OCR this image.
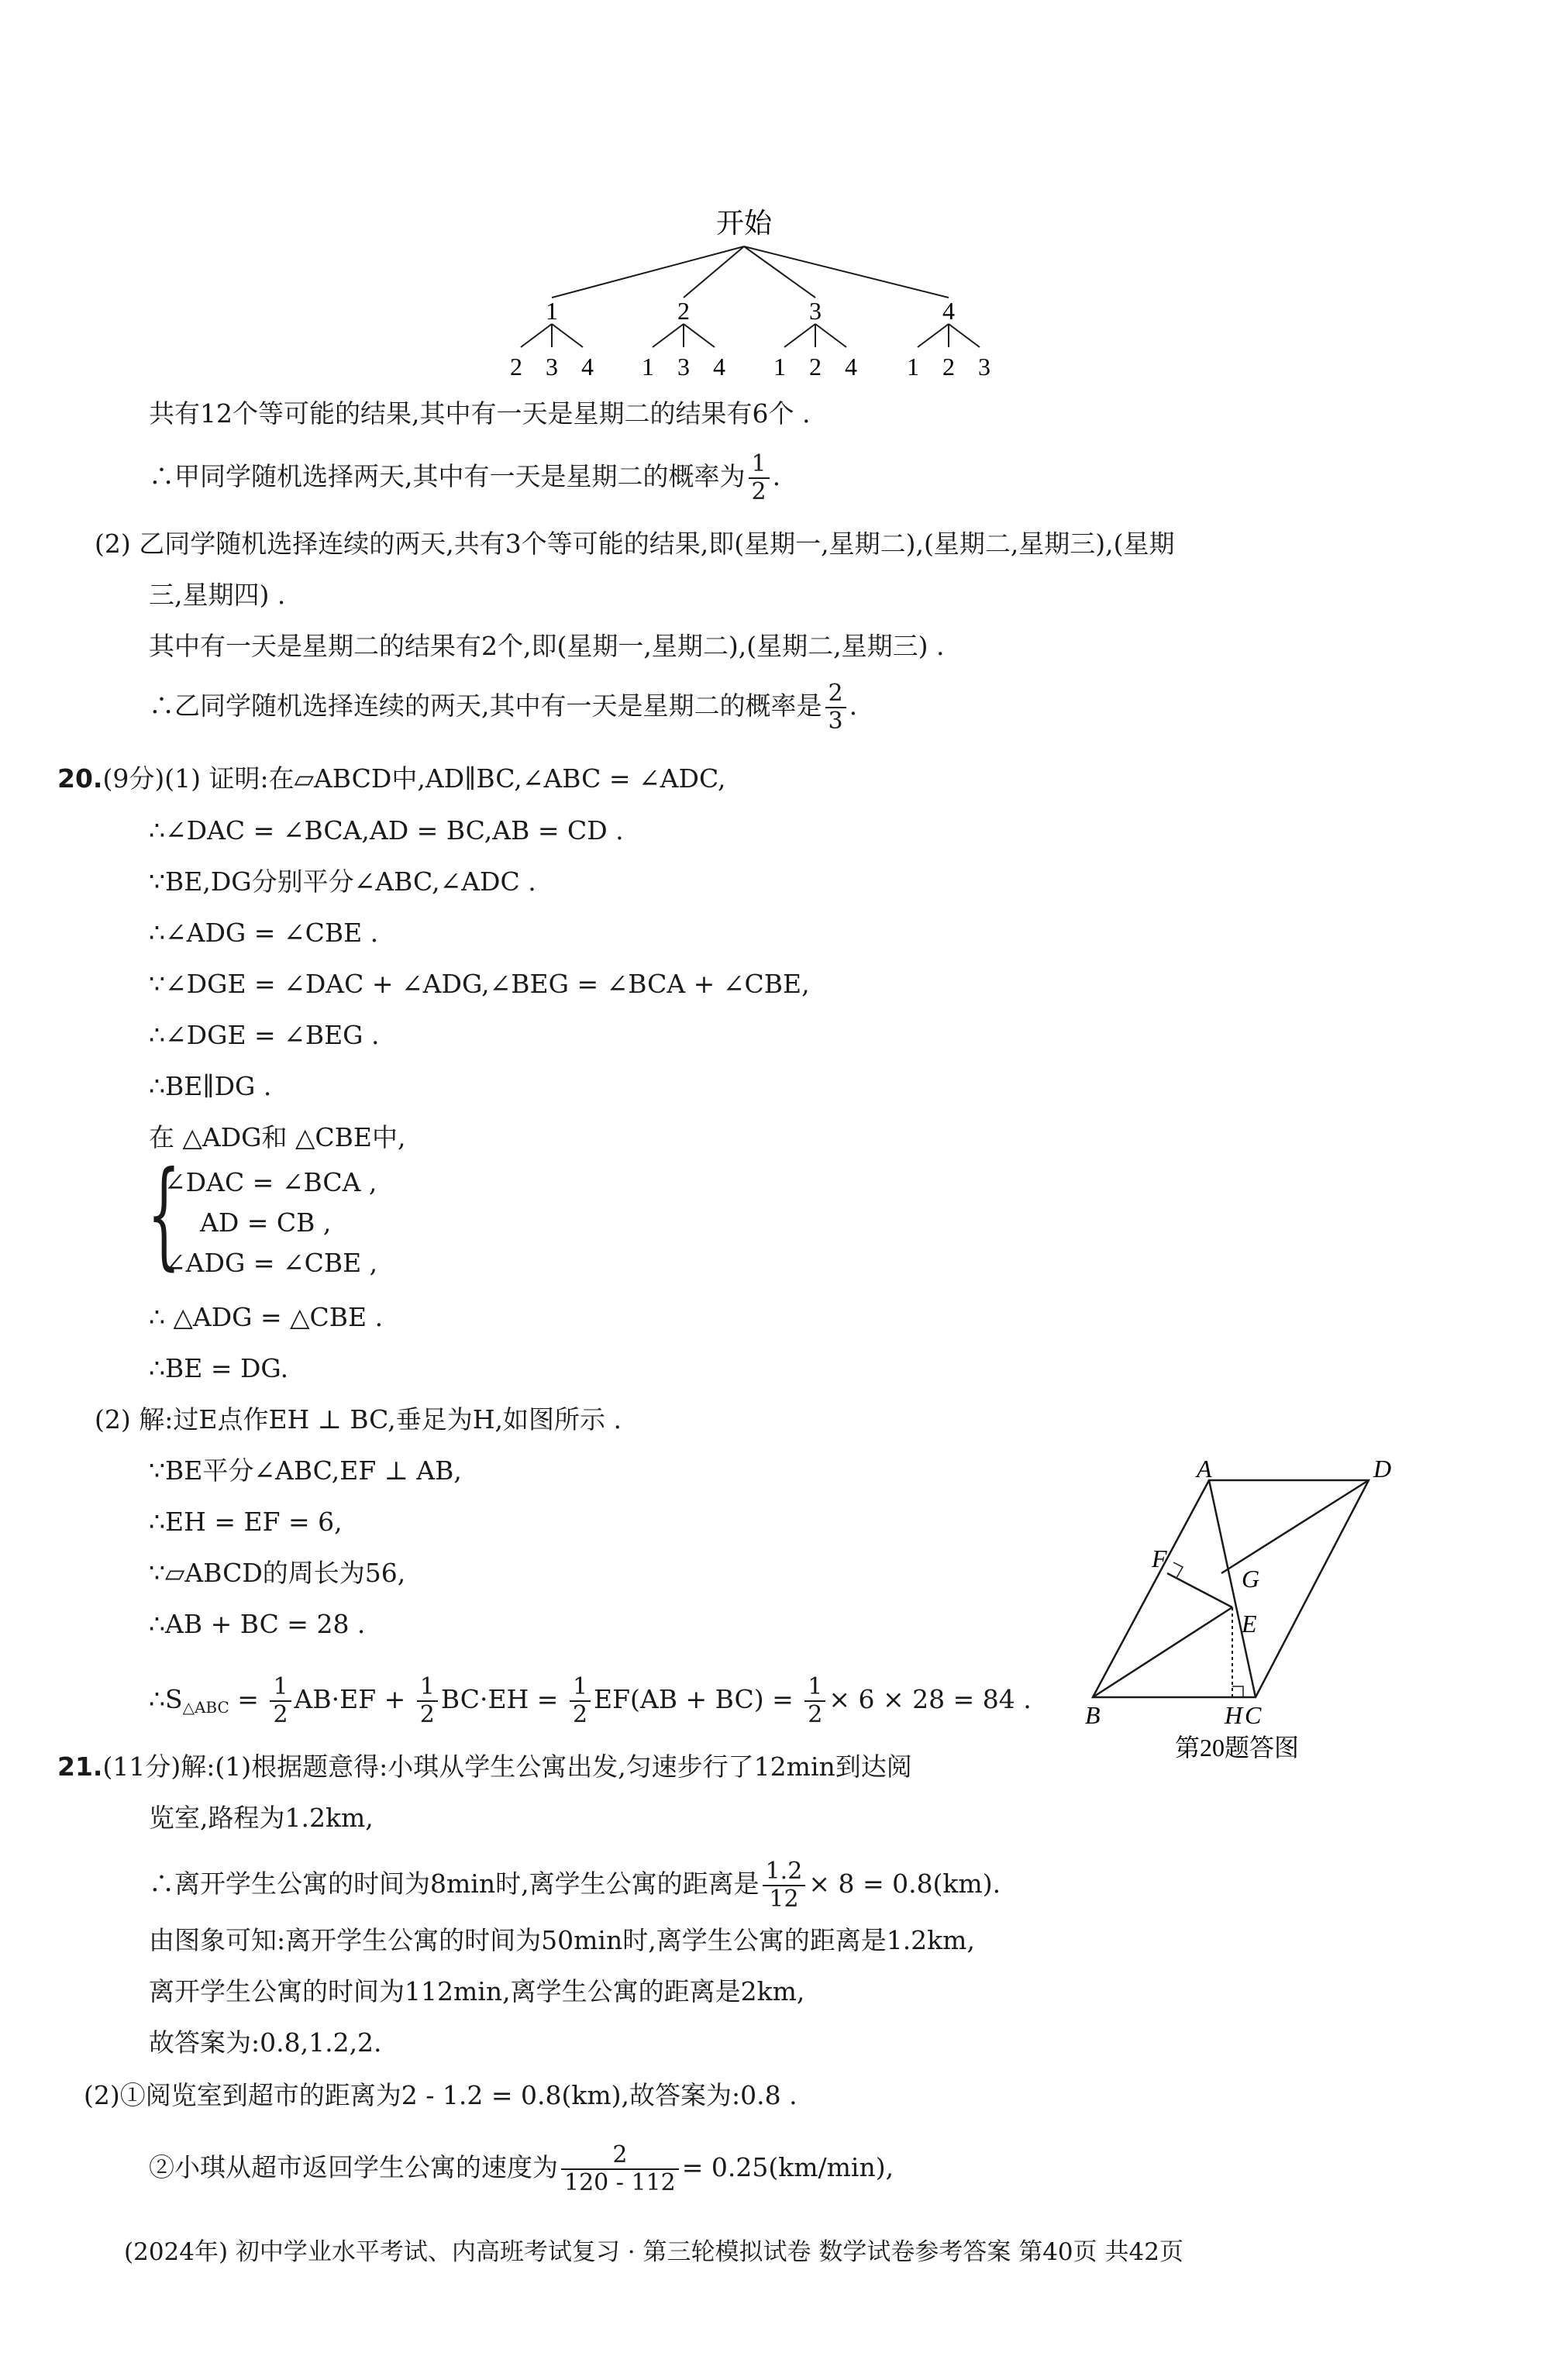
开始
1	2	3	4
2 3 4 1 3 4 1 2 4 1 2 3
共有12个等可能的结果,其中有一天是星期二的结果有6个 .
∴甲同学随机选择两天,其中有一天是星期二的概率为 $\frac{1}{2}$ .
(2) 乙同学随机选择连续的两天,共有3个等可能的结果,即(星期一,星期二),(星期二,星期三),(星期
三,星期四) .
其中有一天是星期二的结果有2个,即(星期一,星期二),(星期二,星期三) .
∴乙同学随机选择连续的两天,其中有一天是星期二的概率是 $\frac{2}{3}$ .
20.(9分)(1) 证明:在▱ABCD中,AD∥BC,∠ABC = ∠ADC,
∴∠DAC = ∠BCA,AD = BC,AB = CD .
∵BE,DG分别平分∠ABC,∠ADC .
∴∠ADG = ∠CBE .
∵∠DGE = ∠DAC + ∠ADG,∠BEG = ∠BCA + ∠CBE,
∴∠DGE = ∠BEG .
∴BE∥DG .
在 △ADG和 △CBE中,
{
∠DAC = ∠BCA ,
AD = CB ,
∠ADG = ∠CBE ,
∴ △ADG = △CBE .
∴BE = DG.
(2) 解:过E点作EH ⊥ BC,垂足为H,如图所示 .
∵BE平分∠ABC,EF ⊥ AB,
∴EH = EF = 6,
∵▱ABCD的周长为56,
∴AB + BC = 28 .
$\therefore S_{\triangle ABC} = \frac{1}{2} AB\cdot EF + \frac{1}{2} BC\cdot EH = \frac{1}{2} EF(AB + BC) = \frac{1}{2} \times 6 \times 28 = 84$ .
A	D
F
G
E
B	H C
第20题答图
21.(11分)解:(1)根据题意得:小琪从学生公寓出发,匀速步行了12min到达阅
览室,路程为1.2km,
∴离开学生公寓的时间为8min时,离学生公寓的距离是 $\frac{1.2}{12} \times 8 = 0.8(km)$.
由图象可知:离开学生公寓的时间为50min时,离学生公寓的距离是1.2km,
离开学生公寓的时间为112min,离学生公寓的距离是2km,
故答案为:0.8,1.2,2.
(2)①阅览室到超市的距离为2 - 1.2 = 0.8(km),故答案为:0.8 .
②小琪从超市返回学生公寓的速度为 $\frac{2}{120 - 112} = 0.25(km/\min)$,
(2024年) 初中学业水平考试、内高班考试复习 · 第三轮模拟试卷 数学试卷参考答案 第40页 共42页
